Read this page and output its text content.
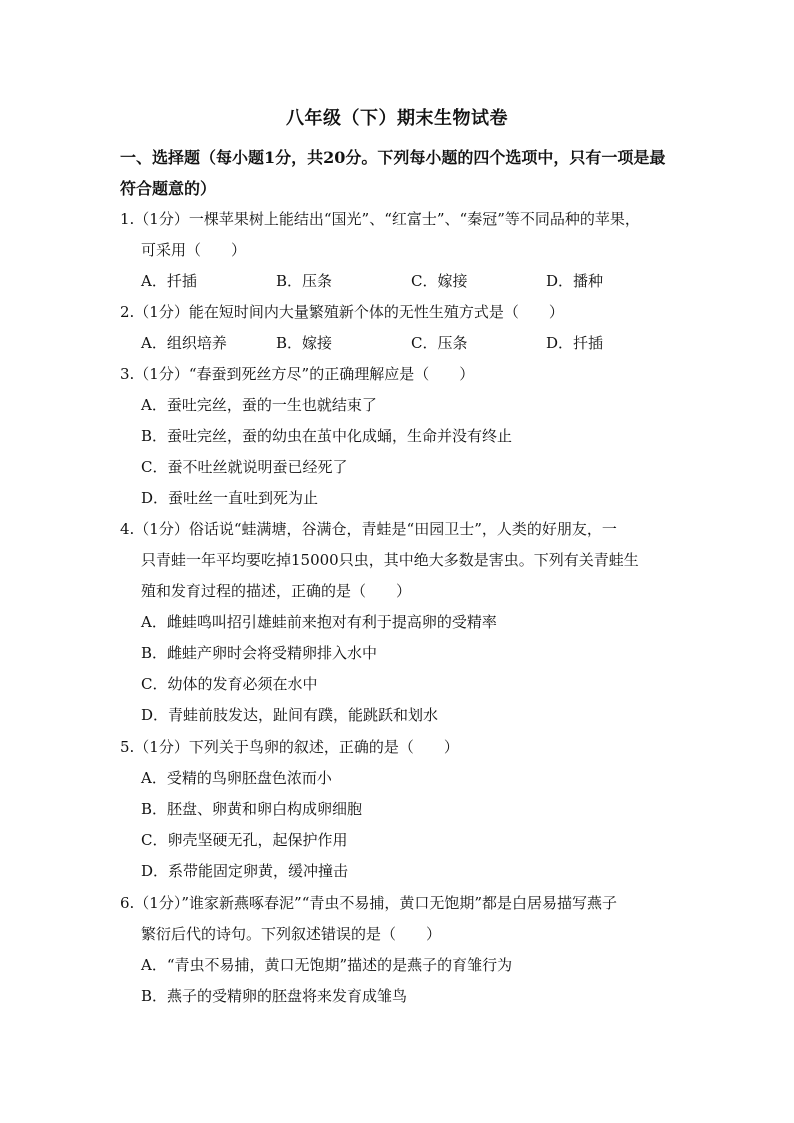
八年级（下）期末生物试卷
一、选择题（每小题1分，共20分。下列每小题的四个选项中，只有一项是最
符合题意的）
1.（1分）一棵苹果树上能结出“国光”、“红富士”、“秦冠”等不同品种的苹果，
可采用（　　）
A．扦插	B．压条	C．嫁接	D．播种
2.（1分）能在短时间内大量繁殖新个体的无性生殖方式是（　　）
A．组织培养	B．嫁接	C．压条	D．扦插
3.（1分）“春蚕到死丝方尽”的正确理解应是（　　）
A．蚕吐完丝，蚕的一生也就结束了
B．蚕吐完丝，蚕的幼虫在茧中化成蛹，生命并没有终止
C．蚕不吐丝就说明蚕已经死了
D．蚕吐丝一直吐到死为止
4.（1分）俗话说“蛙满塘，谷满仓，青蛙是“田园卫士”，人类的好朋友，一
只青蛙一年平均要吃掉15000只虫，其中绝大多数是害虫。下列有关青蛙生
殖和发育过程的描述，正确的是（　　）
A．雌蛙鸣叫招引雄蛙前来抱对有利于提高卵的受精率
B．雌蛙产卵时会将受精卵排入水中
C．幼体的发育必须在水中
D．青蛙前肢发达，趾间有蹼，能跳跃和划水
5.（1分）下列关于鸟卵的叙述，正确的是（　　）
A．受精的鸟卵胚盘色浓而小
B．胚盘、卵黄和卵白构成卵细胞
C．卵壳坚硬无孔，起保护作用
D．系带能固定卵黄，缓冲撞击
6.（1分）”谁家新燕啄春泥”“青虫不易捕，黄口无饱期”都是白居易描写燕子
繁衍后代的诗句。下列叙述错误的是（　　）
A．“青虫不易捕，黄口无饱期”描述的是燕子的育雏行为
B．燕子的受精卵的胚盘将来发育成雏鸟
